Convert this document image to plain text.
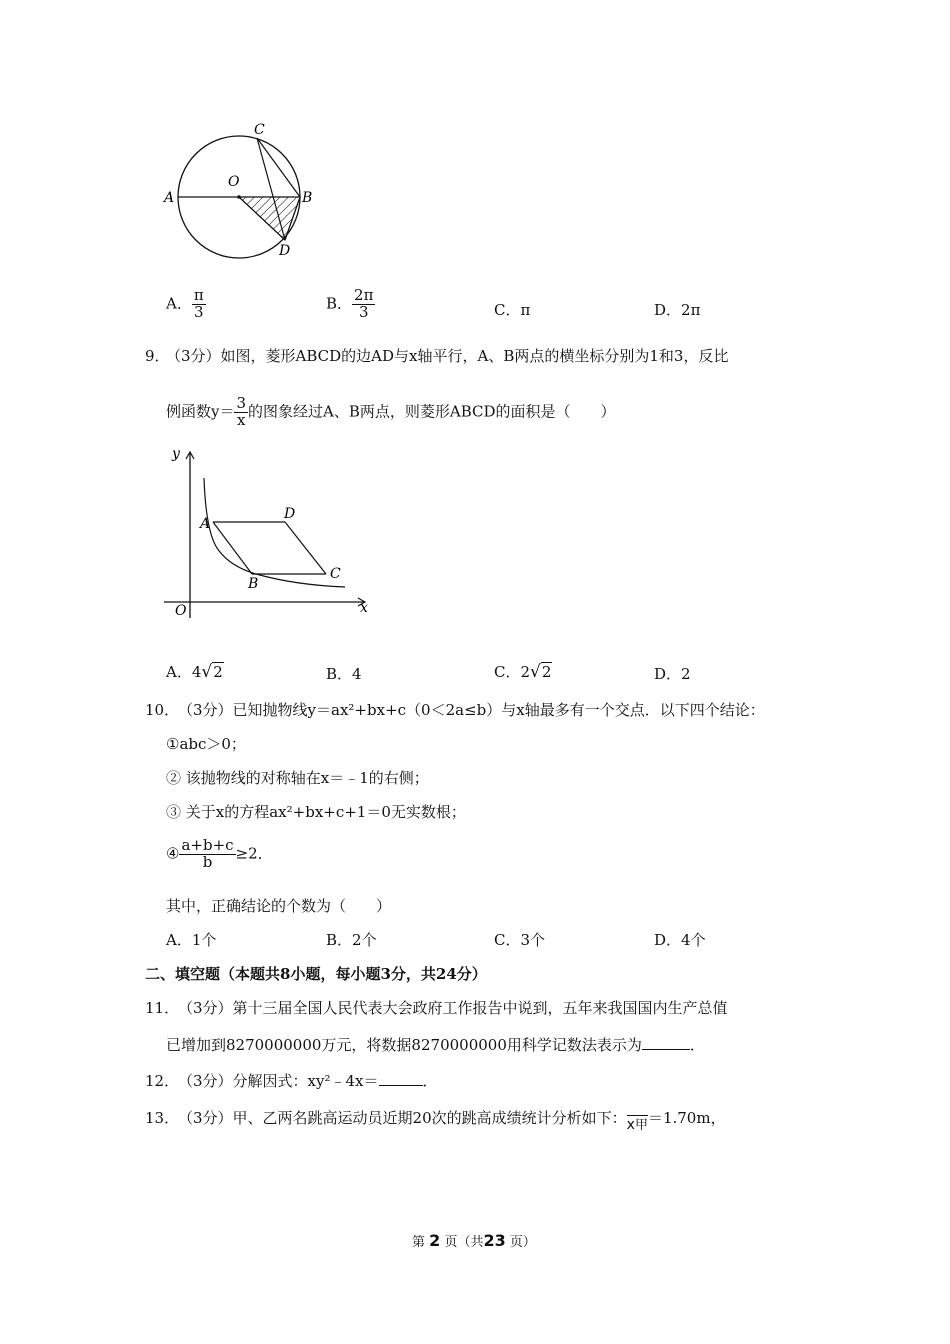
C
O
A	B
D
A． $\frac{\pi}{3}$	B． $\frac{2\pi}{3}$	C．π	D．2π
9．
（3分）如图，菱形ABCD的边AD与x轴平行，A、B两点的横坐标分别为1和3，反比
例函数$y= \frac{3}{x}$ 的图象经过A、B两点，则菱形ABCD的面积是（　　）
y
x
O
A
D
B
C
A．4√2	B．4	C．2√2	D．2
10．
（3分）已知抛物线y＝ax²+bx+c（0＜2a≤b）与x轴最多有一个交点．以下四个结论：
①abc＞0；
② 该抛物线的对称轴在x＝﹣1的右侧；
③ 关于x的方程ax²+bx+c+1＝0无实数根；
④ $\frac{a+b+c}{b} \ge 2$．
其中，正确结论的个数为（　　）
A．1个	B．2个	C．3个	D．4个
二、填空题（本题共8小题，每小题3分，共24分）
11．
（3分）第十三届全国人民代表大会政府工作报告中说到，五年来我国国内生产总值
已增加到8270000000万元，将数据8270000000用科学记数法表示为	．
12．
（3分）分解因式：xy²﹣4x＝	．
13．
（3分）甲、乙两名跳高运动员近期20次的跳高成绩统计分析如下：x甲＝1.70m，
第 2 页（共23 页）
